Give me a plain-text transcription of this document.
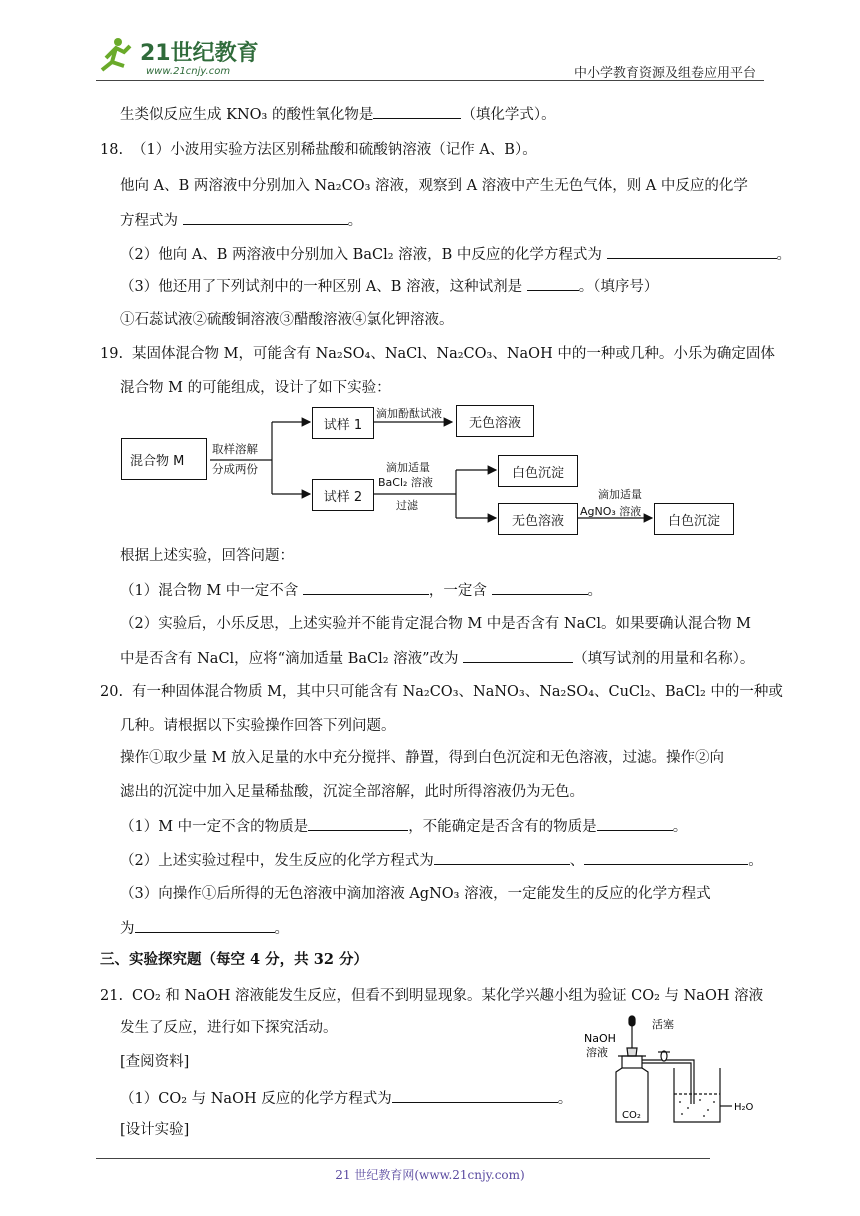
21世纪教育
www.21cnjy.com	中小学教育资源及组卷应用平台
生类似反应生成 KNO₃ 的酸性氧化物是	（填化学式）。
18. （1）小波用实验方法区别稀盐酸和硫酸钠溶液（记作 A、B）。
他向 A、B 两溶液中分别加入 Na₂CO₃ 溶液，观察到 A 溶液中产生无色气体，则 A 中反应的化学
方程式为	。
（2）他向 A、B 两溶液中分别加入 BaCl₂ 溶液，B 中反应的化学方程式为	。
（3）他还用了下列试剂中的一种区别 A、B 溶液，这种试剂是	。（填序号）
①石蕊试液②硫酸铜溶液③醋酸溶液④氯化钾溶液。
19. 某固体混合物 M，可能含有 Na₂SO₄、NaCl、Na₂CO₃、NaOH 中的一种或几种。小乐为确定固体
混合物 M 的可能组成，设计了如下实验：
混合物 M
取样溶解
分成两份
试样 1
滴加酚酞试液
无色溶液
试样 2
滴加适量
BaCl₂ 溶液
过滤
白色沉淀
无色溶液
滴加适量
AgNO₃ 溶液
白色沉淀
根据上述实验，回答问题：
（1）混合物 M 中一定不含	，一定含	。
（2）实验后，小乐反思，上述实验并不能肯定混合物 M 中是否含有 NaCl。如果要确认混合物 M
中是否含有 NaCl，应将“滴加适量 BaCl₂ 溶液”改为	（填写试剂的用量和名称）。
20. 有一种固体混合物质 M，其中只可能含有 Na₂CO₃、NaNO₃、Na₂SO₄、CuCl₂、BaCl₂ 中的一种或
几种。请根据以下实验操作回答下列问题。
操作①取少量 M 放入足量的水中充分搅拌、静置，得到白色沉淀和无色溶液，过滤。操作②向
滤出的沉淀中加入足量稀盐酸，沉淀全部溶解，此时所得溶液仍为无色。
（1）M 中一定不含的物质是	，不能确定是否含有的物质是	。
（2）上述实验过程中，发生反应的化学方程式为	、	。
（3）向操作①后所得的无色溶液中滴加溶液 AgNO₃ 溶液，一定能发生的反应的化学方程式
为	。
三、实验探究题（每空 4 分，共 32 分）
21. CO₂ 和 NaOH 溶液能发生反应，但看不到明显现象。某化学兴趣小组为验证 CO₂ 与 NaOH 溶液
发生了反应，进行如下探究活动。
[查阅资料]
（1）CO₂ 与 NaOH 反应的化学方程式为	。
[设计实验]
NaOH
溶液
活塞
CO₂
H₂O
21 世纪教育网(www.21cnjy.com)
